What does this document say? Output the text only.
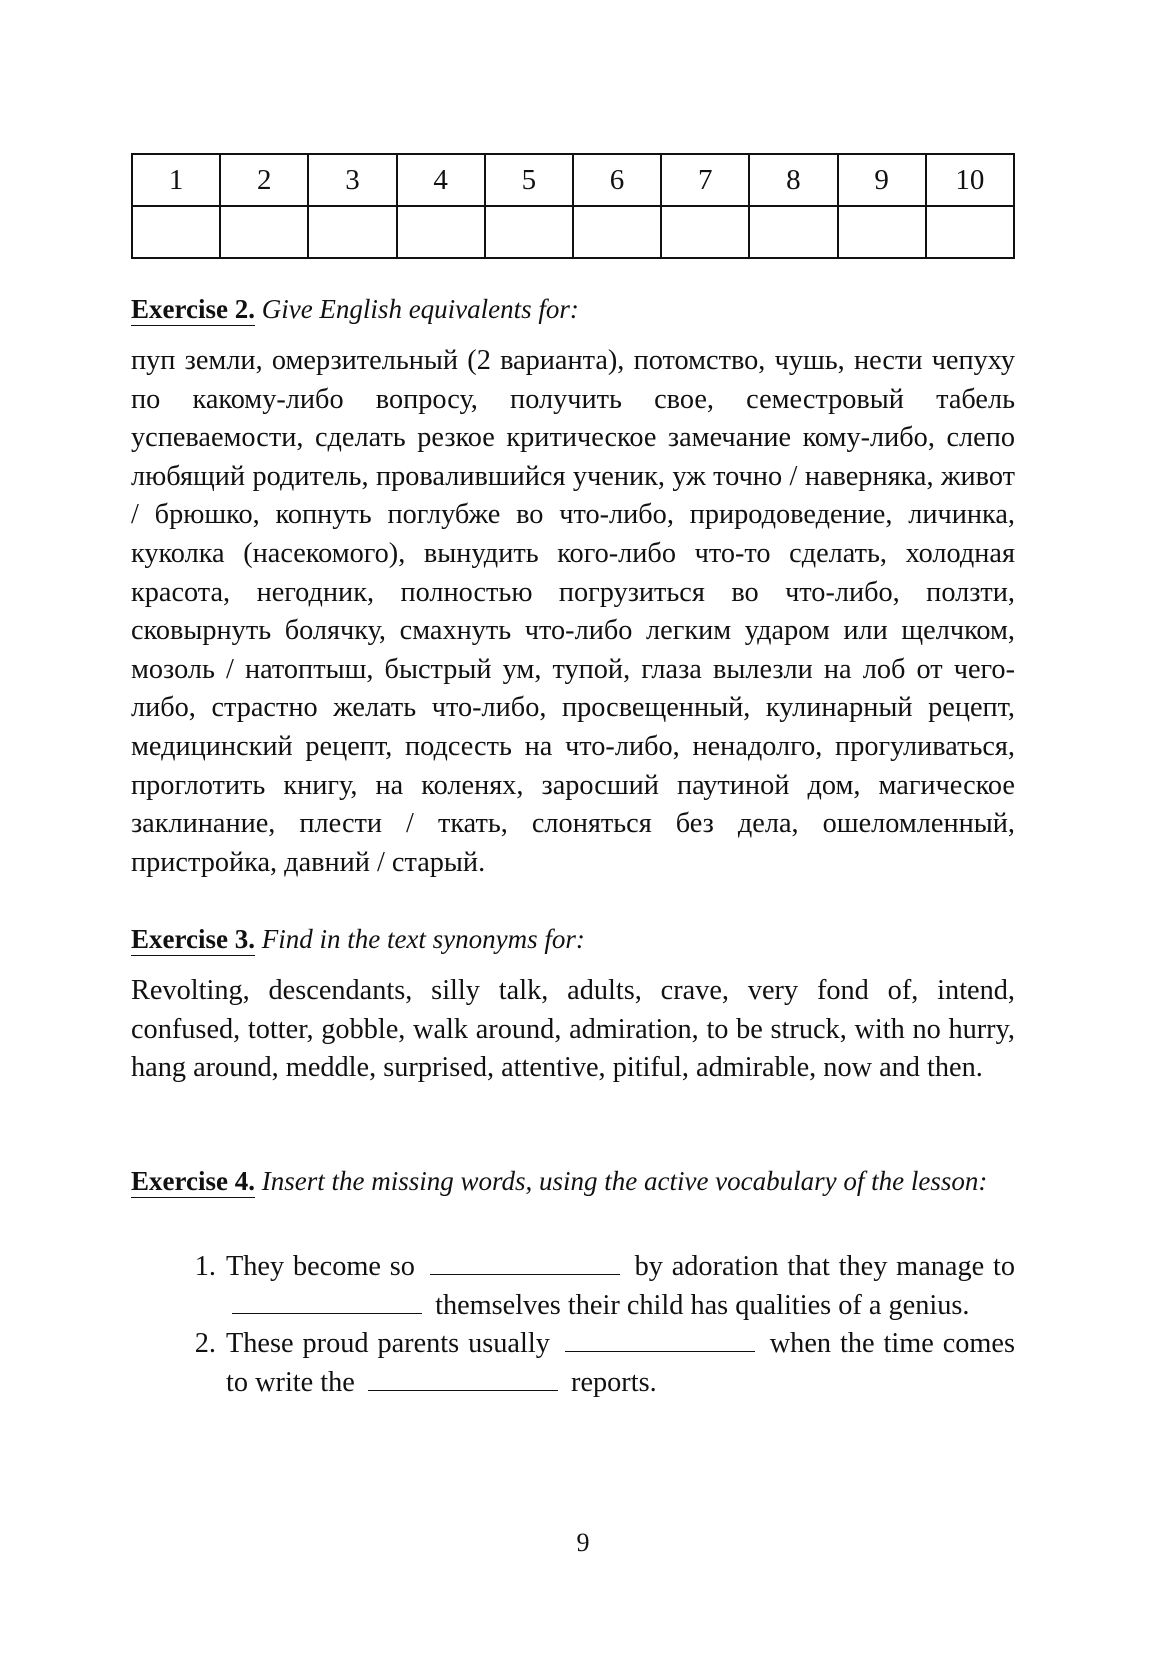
1	2	3	4	5	6	7	8	9	10

Exercise 2. Give English equivalents for:

пуп земли, омерзительный (2 варианта), потомство, чушь, нести чепуху по какому-либо вопросу, получить свое, семестровый табель успеваемости, сделать резкое критическое замечание кому-либо, слепо любящий родитель, провалившийся ученик, уж точно / наверняка, живот / брюшко, копнуть поглубже во что-либо, природоведение, личинка, куколка (насекомого), вынудить кого-либо что-то сделать, холодная красота, негодник, полностью погрузиться во что-либо, ползти, сковырнуть болячку, смахнуть что-либо легким ударом или щелчком, мозоль / натоптыш, быстрый ум, тупой, глаза вылезли на лоб от чего-либо, страстно желать что-либо, просвещенный, кулинарный рецепт, медицинский рецепт, подсесть на что-либо, ненадолго, прогуливаться, проглотить книгу, на коленях, заросший паутиной дом, магическое заклинание, плести / ткать, слоняться без дела, ошеломленный, пристройка, давний / старый.

Exercise 3. Find in the text synonyms for:

Revolting, descendants, silly talk, adults, crave, very fond of, intend, confused, totter, gobble, walk around, admiration, to be struck, with no hurry, hang around, meddle, surprised, attentive, pitiful, admirable, now and then.

Exercise 4. Insert the missing words, using the active vocabulary of the lesson:

1. They become so	by adoration that they manage to  themselves their child has qualities of a genius.
2. These proud parents usually	when the time comes to write the	reports.
9
